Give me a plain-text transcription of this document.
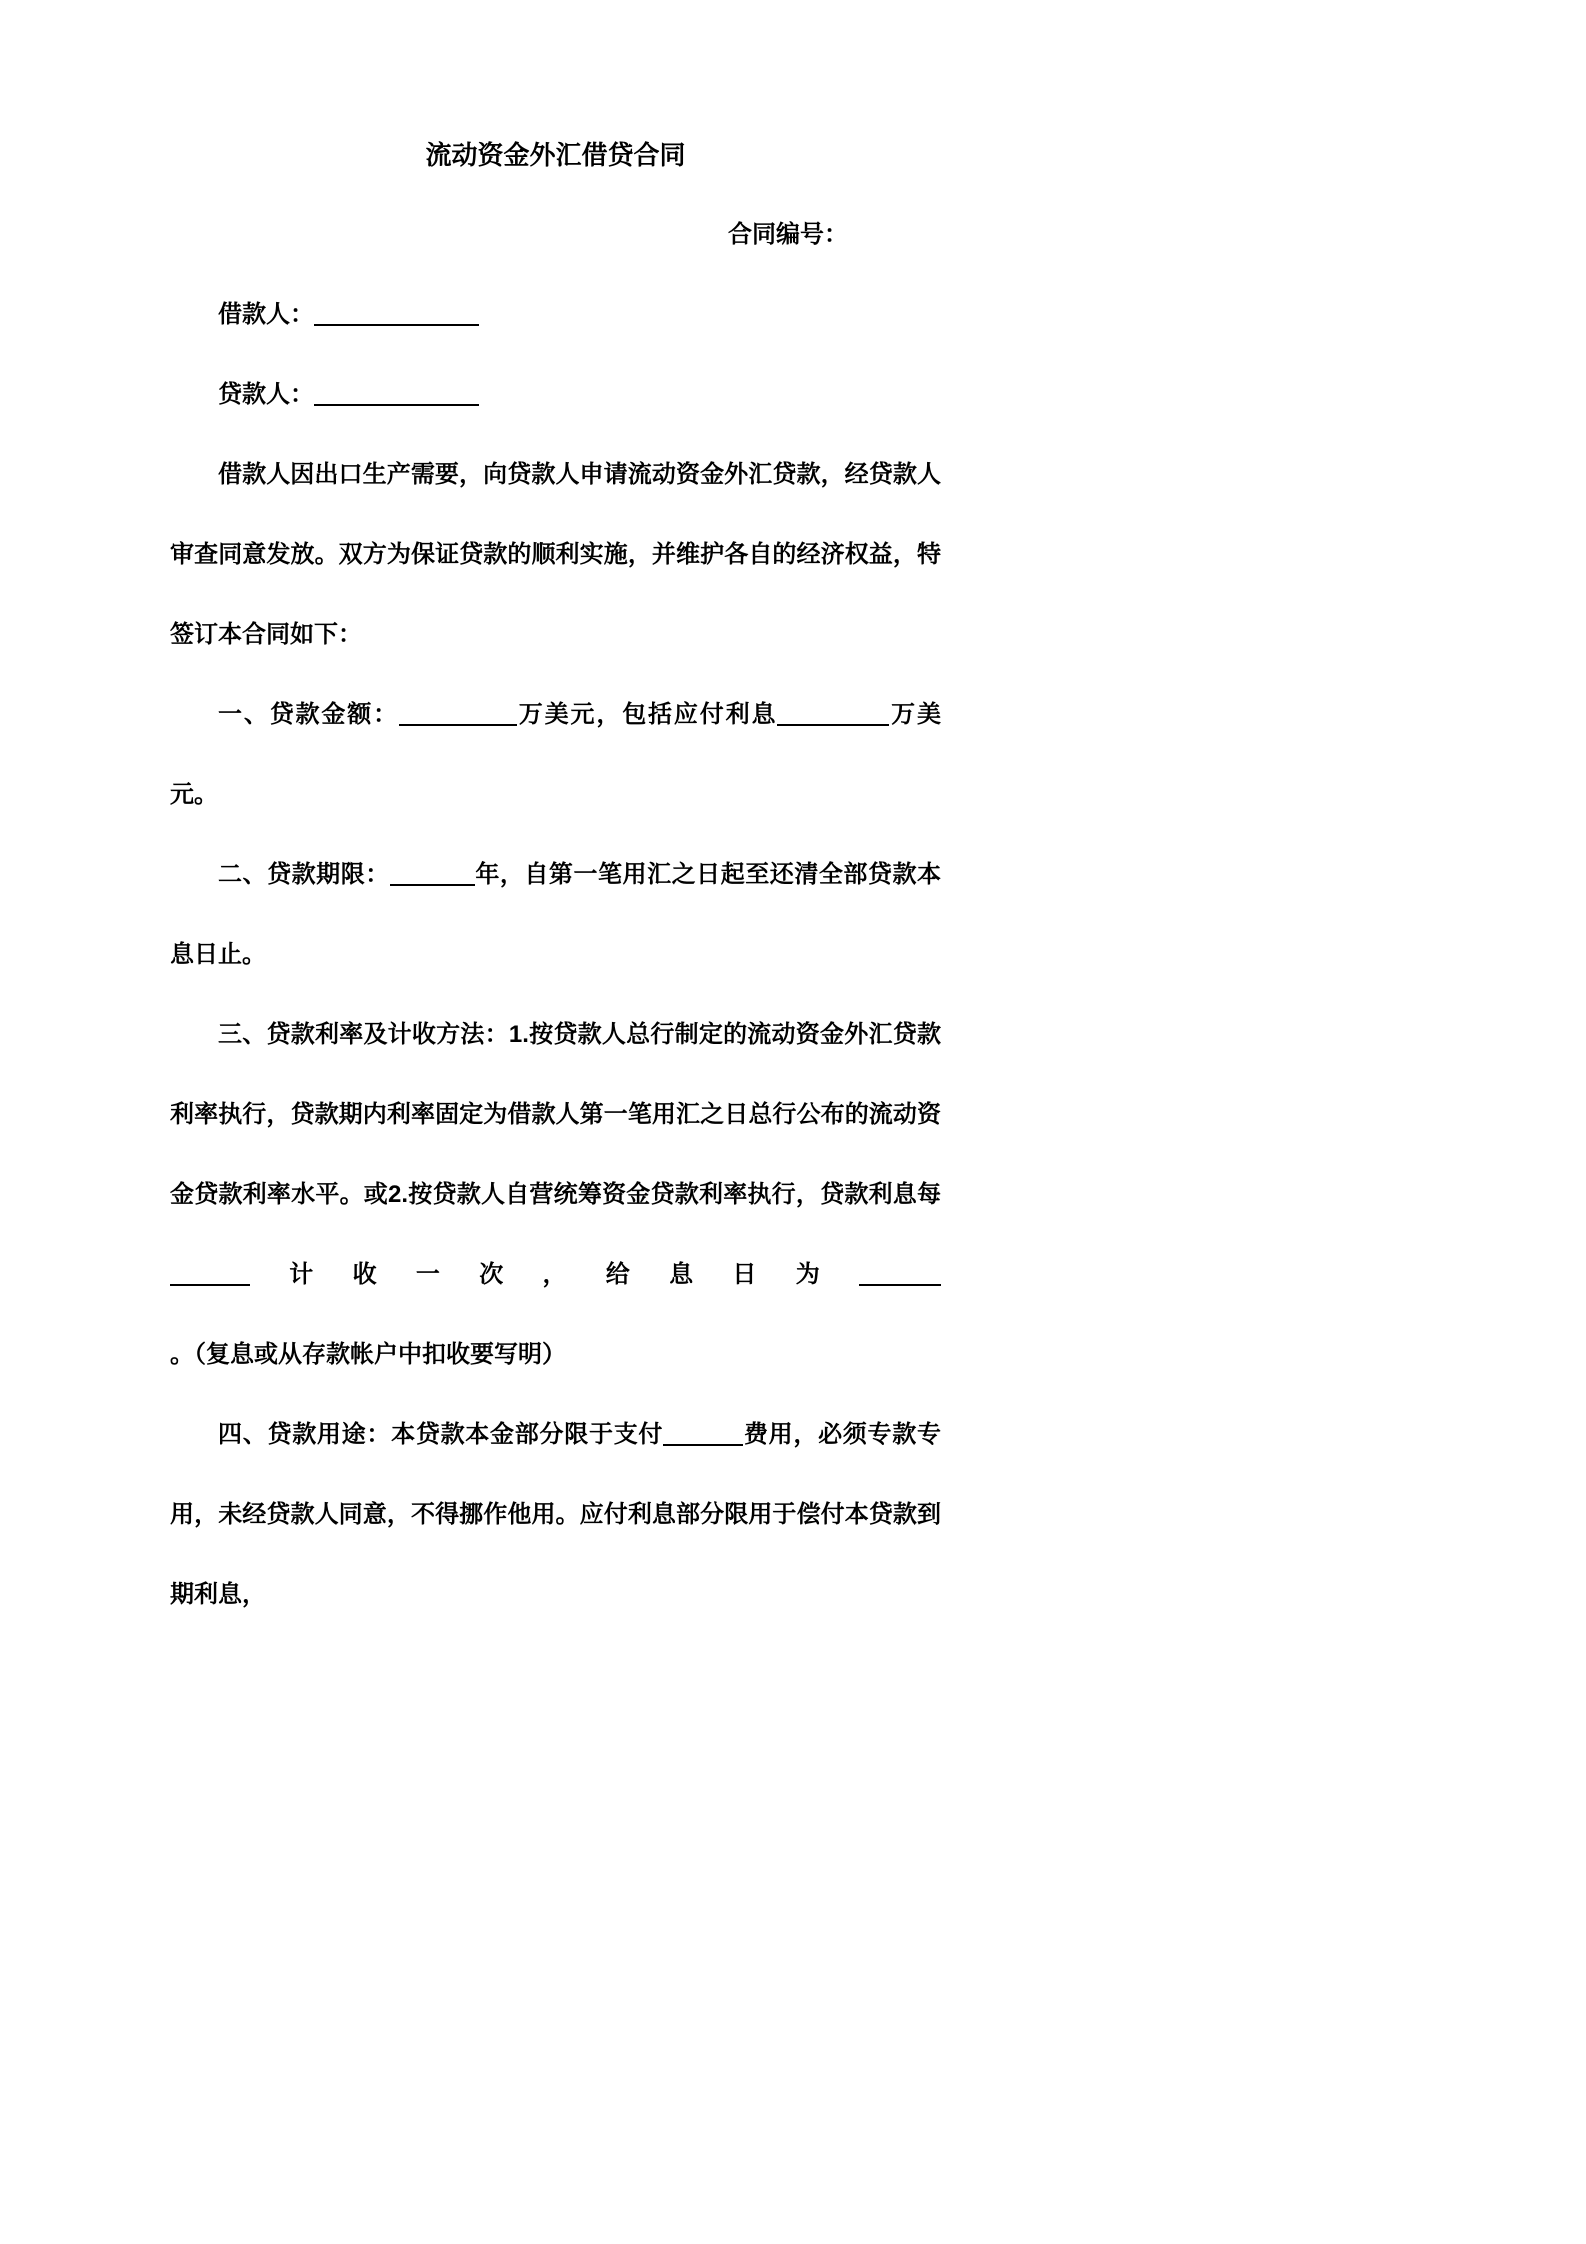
流动资金外汇借贷合同
合同编号：

借款人：

贷款人：

借款人因出口生产需要，向贷款人申请流动资金外汇贷款，经贷款人审查同意发放。双方为保证贷款的顺利实施，并维护各自的经济权益，特签订本合同如下：

一、贷款金额：	万美元，包括应付利息	万美元。

二、贷款期限：	年，自第一笔用汇之日起至还清全部贷款本息日止。

三、贷款利率及计收方法：1.按贷款人总行制定的流动资金外汇贷款利率执行，贷款期内利率固定为借款人第一笔用汇之日总行公布的流动资金贷款利率水平。或2.按贷款人自营统筹资金贷款利率执行，贷款利息每计收一次，给息日为。（复息或从存款帐户中扣收要写明）

四、贷款用途：本贷款本金部分限于支付	费用，必须专款专用，未经贷款人同意，不得挪作他用。应付利息部分限用于偿付本贷款到期利息，
